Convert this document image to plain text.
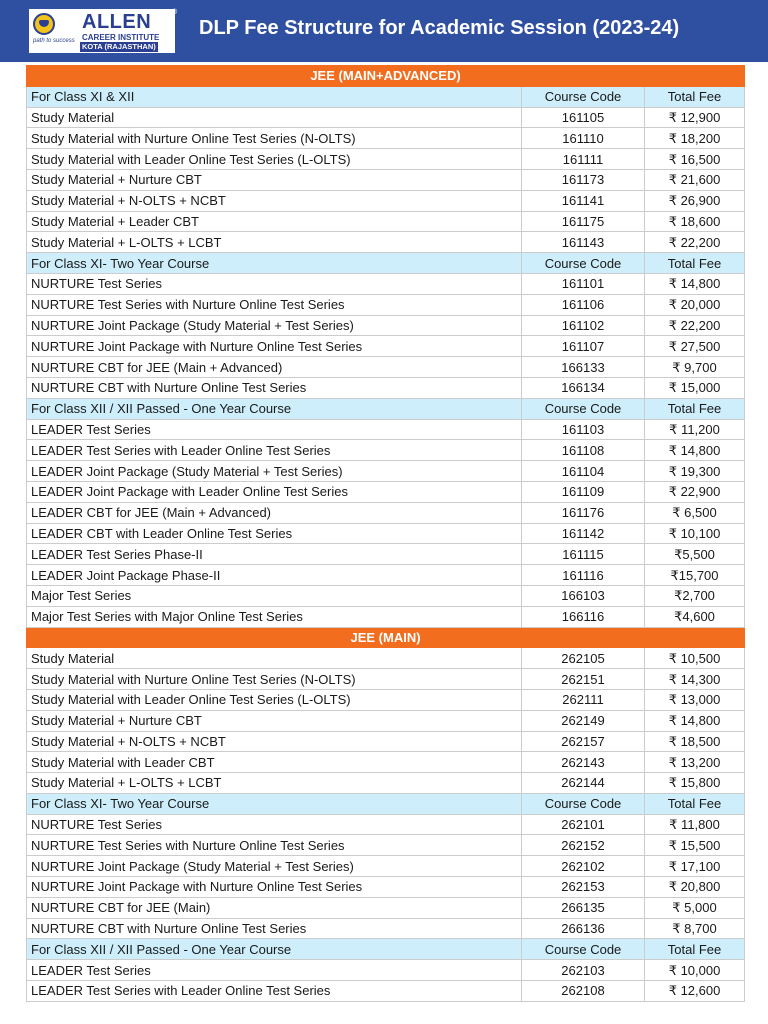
ALLEN	®
CAREER INSTITUTE
KOTA (RAJASTHAN)
path to success
DLP Fee Structure for Academic Session (2023-24)
JEE (MAIN+ADVANCED)		
For Class XI & XII	Course Code	Total Fee
Study Material	161105	₹ 12,900
Study Material with Nurture Online Test Series (N-OLTS)	161110	₹ 18,200
Study Material with Leader Online Test Series (L-OLTS)	161111	₹ 16,500
Study Material + Nurture CBT	161173	₹ 21,600
Study Material + N-OLTS + NCBT	161141	₹ 26,900
Study Material + Leader CBT	161175	₹ 18,600
Study Material + L-OLTS + LCBT	161143	₹ 22,200
For Class XI- Two Year Course	Course Code	Total Fee
NURTURE Test Series	161101	₹ 14,800
NURTURE Test Series with Nurture Online Test Series	161106	₹ 20,000
NURTURE Joint Package (Study Material + Test Series)	161102	₹ 22,200
NURTURE Joint Package with Nurture Online Test Series	161107	₹ 27,500
NURTURE CBT for JEE (Main + Advanced)	166133	₹ 9,700
NURTURE CBT with Nurture Online Test Series	166134	₹ 15,000
For Class XII / XII Passed - One Year Course	Course Code	Total Fee
LEADER Test Series	161103	₹ 11,200
LEADER Test Series with Leader Online Test Series	161108	₹ 14,800
LEADER Joint Package (Study Material + Test Series)	161104	₹ 19,300
LEADER Joint Package with Leader Online Test Series	161109	₹ 22,900
LEADER CBT for JEE (Main + Advanced)	161176	₹ 6,500
LEADER CBT with Leader Online Test Series	161142	₹ 10,100
LEADER Test Series Phase-II	161115	₹5,500
LEADER Joint Package Phase-II	161116	₹15,700
Major Test Series	166103	₹2,700
Major Test Series with Major Online Test Series	166116	₹4,600
JEE (MAIN)		
Study Material	262105	₹ 10,500
Study Material with Nurture Online Test Series (N-OLTS)	262151	₹ 14,300
Study Material with Leader Online Test Series (L-OLTS)	262111	₹ 13,000
Study Material + Nurture CBT	262149	₹ 14,800
Study Material + N-OLTS + NCBT	262157	₹ 18,500
Study Material with Leader CBT	262143	₹ 13,200
Study Material + L-OLTS + LCBT	262144	₹ 15,800
For Class XI- Two Year Course	Course Code	Total Fee
NURTURE Test Series	262101	₹ 11,800
NURTURE Test Series with Nurture Online Test Series	262152	₹ 15,500
NURTURE Joint Package (Study Material + Test Series)	262102	₹ 17,100
NURTURE Joint Package with Nurture Online Test Series	262153	₹ 20,800
NURTURE CBT for JEE (Main)	266135	₹ 5,000
NURTURE CBT with Nurture Online Test Series	266136	₹ 8,700
For Class XII / XII Passed - One Year Course	Course Code	Total Fee
LEADER Test Series	262103	₹ 10,000
LEADER Test Series with Leader Online Test Series	262108	₹ 12,600
